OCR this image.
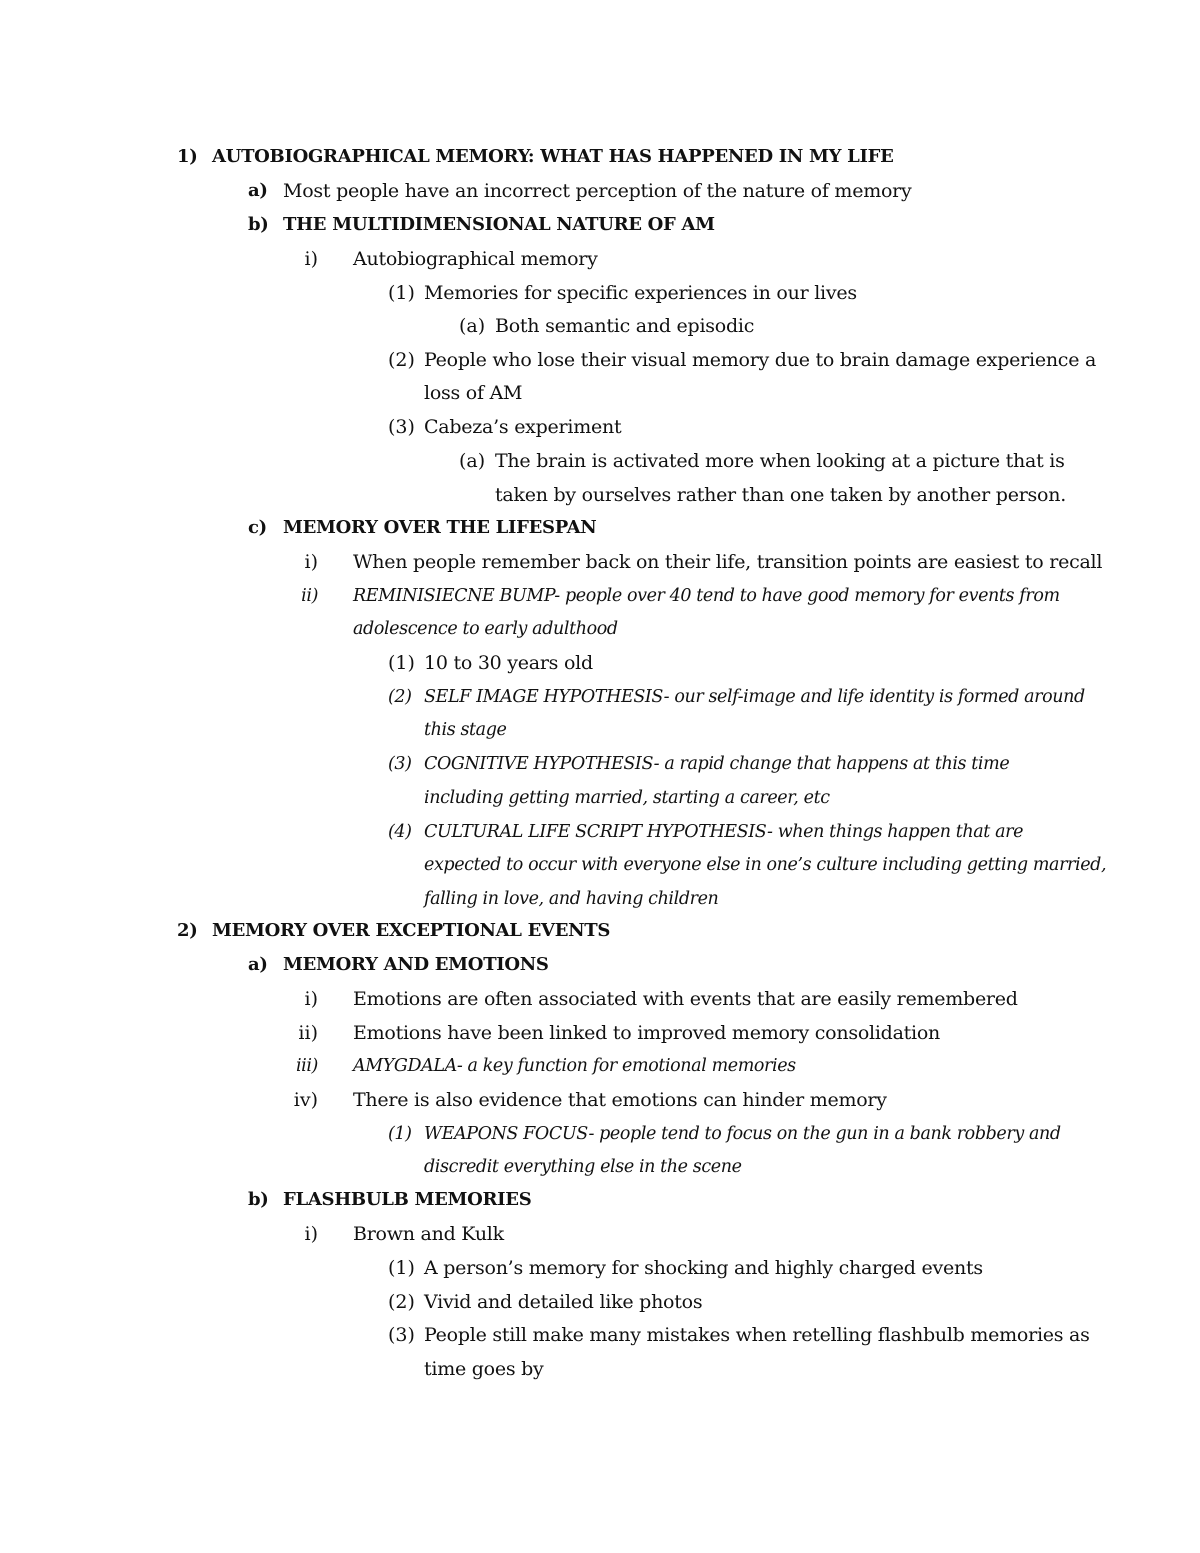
1) AUTOBIOGRAPHICAL MEMORY: WHAT HAS HAPPENED IN MY LIFE
a) Most people have an incorrect perception of the nature of memory
b) THE MULTIDIMENSIONAL NATURE OF AM
i) Autobiographical memory
(1) Memories for specific experiences in our lives
(a) Both semantic and episodic
(2) People who lose their visual memory due to brain damage experience a
loss of AM
(3) Cabeza’s experiment
(a) The brain is activated more when looking at a picture that is
taken by ourselves rather than one taken by another person.
c) MEMORY OVER THE LIFESPAN
i) When people remember back on their life, transition points are easiest to recall
ii) REMINISIECNE BUMP- people over 40 tend to have good memory for events from
adolescence to early adulthood
(1) 10 to 30 years old
(2) SELF IMAGE HYPOTHESIS- our self-image and life identity is formed around
this stage
(3) COGNITIVE HYPOTHESIS- a rapid change that happens at this time
including getting married, starting a career, etc
(4) CULTURAL LIFE SCRIPT HYPOTHESIS- when things happen that are
expected to occur with everyone else in one’s culture including getting married,
falling in love, and having children
2) MEMORY OVER EXCEPTIONAL EVENTS
a) MEMORY AND EMOTIONS
i) Emotions are often associated with events that are easily remembered
ii) Emotions have been linked to improved memory consolidation
iii) AMYGDALA- a key function for emotional memories
iv) There is also evidence that emotions can hinder memory
(1) WEAPONS FOCUS- people tend to focus on the gun in a bank robbery and
discredit everything else in the scene
b) FLASHBULB MEMORIES
i) Brown and Kulk
(1) A person’s memory for shocking and highly charged events
(2) Vivid and detailed like photos
(3) People still make many mistakes when retelling flashbulb memories as
time goes by
